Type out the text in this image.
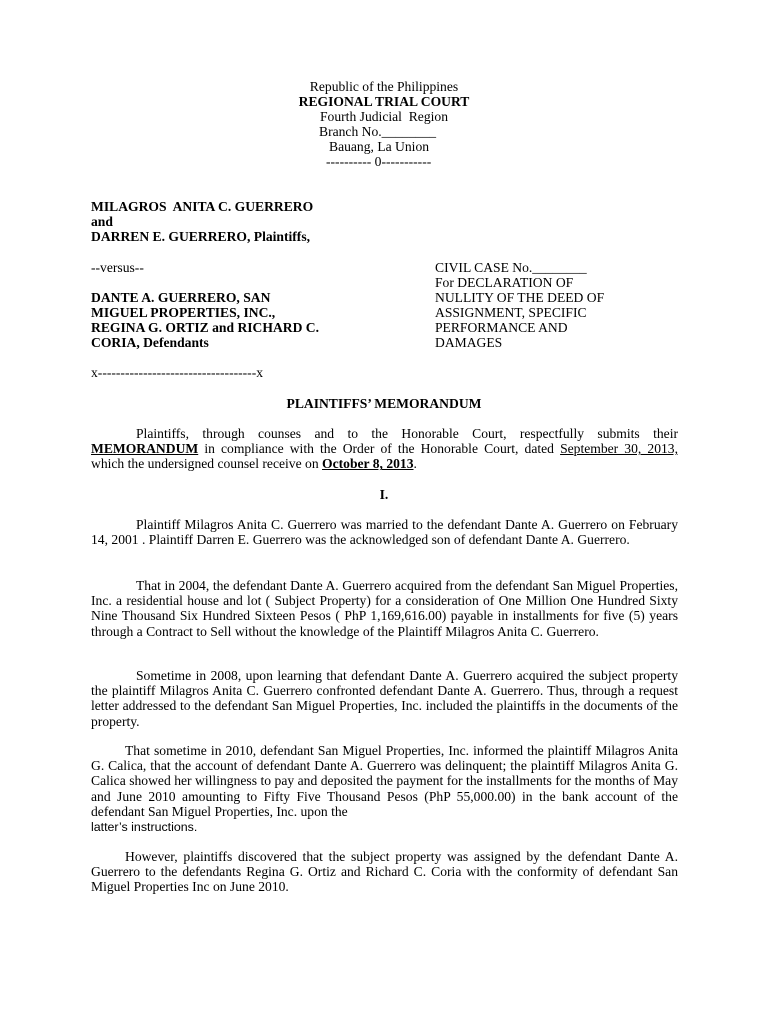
Republic of the Philippines
REGIONAL TRIAL COURT
Fourth Judicial  Region
Branch No.________
Bauang, La Union
---------- 0-----------
MILAGROS  ANITA C. GUERRERO
and
DARREN E. GUERRERO, Plaintiffs,
--versus--
DANTE A. GUERRERO, SAN
MIGUEL PROPERTIES, INC.,
REGINA G. ORTIZ and RICHARD C.
CORIA, Defendants
CIVIL CASE No.________
For DECLARATION OF
NULLITY OF THE DEED OF
ASSIGNMENT, SPECIFIC
PERFORMANCE AND
DAMAGES
x-----------------------------------x
PLAINTIFFS’ MEMORANDUM

Plaintiffs, through counses and to the Honorable Court, respectfully submits their MEMORANDUM in compliance with the Order of the Honorable Court, dated September 30, 2013, which the undersigned counsel receive on October 8, 2013.

I.

Plaintiff Milagros Anita C. Guerrero was married to the defendant Dante A. Guerrero on February 14, 2001 . Plaintiff Darren E. Guerrero was the acknowledged son of defendant Dante A. Guerrero.

That in 2004, the defendant Dante A. Guerrero acquired from the defendant San Miguel Properties, Inc. a residential house and lot ( Subject Property) for a consideration of One Million One Hundred Sixty Nine Thousand Six Hundred Sixteen Pesos ( PhP 1,169,616.00) payable in installments for five (5) years through a Contract to Sell without the knowledge of the Plaintiff Milagros Anita C. Guerrero.

Sometime in 2008, upon learning that defendant Dante A. Guerrero acquired the subject property the plaintiff Milagros Anita C. Guerrero confronted defendant Dante A. Guerrero. Thus, through a request letter addressed to the defendant San Miguel Properties, Inc. included the plaintiffs in the documents of the property.

That sometime in 2010, defendant San Miguel Properties, Inc. informed the plaintiff Milagros Anita G. Calica, that the account of defendant Dante A. Guerrero was delinquent; the plaintiff Milagros Anita G. Calica showed her willingness to pay and deposited the payment for the installments for the months of May and June 2010 amounting to Fifty Five Thousand Pesos (PhP 55,000.00) in the bank account of the defendant San Miguel Properties, Inc. upon the

latter’s instructions.

However, plaintiffs discovered that the subject property was assigned by the defendant Dante A. Guerrero to the defendants Regina G. Ortiz and Richard C. Coria with the conformity of defendant San Miguel Properties Inc on June 2010.
